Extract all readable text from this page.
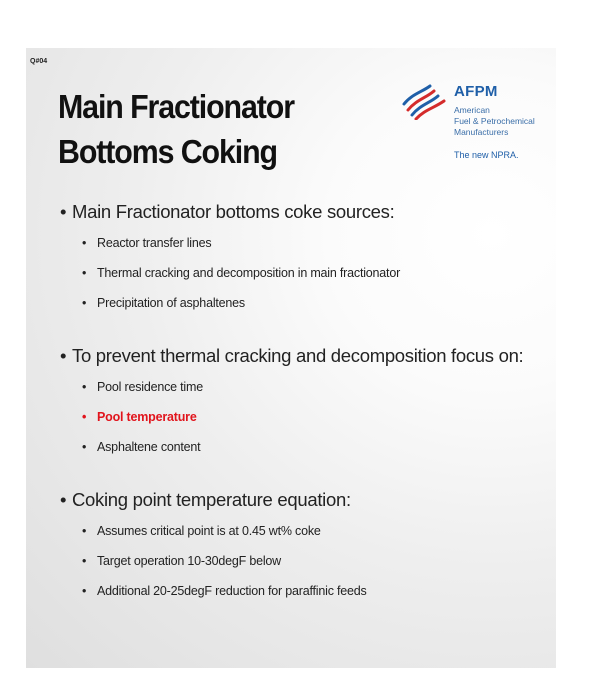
Q#04
Main Fractionator
Bottoms Coking
AFPM
American
Fuel & Petrochemical
Manufacturers
The new NPRA.
• Main Fractionator bottoms coke sources:
• Reactor transfer lines
• Thermal cracking and decomposition in main fractionator
• Precipitation of asphaltenes
• To prevent thermal cracking and decomposition focus on:
• Pool residence time
• Pool temperature
• Asphaltene content
• Coking point temperature equation:
• Assumes critical point is at 0.45 wt% coke
• Target operation 10-30degF below
• Additional 20-25degF reduction for paraffinic feeds
